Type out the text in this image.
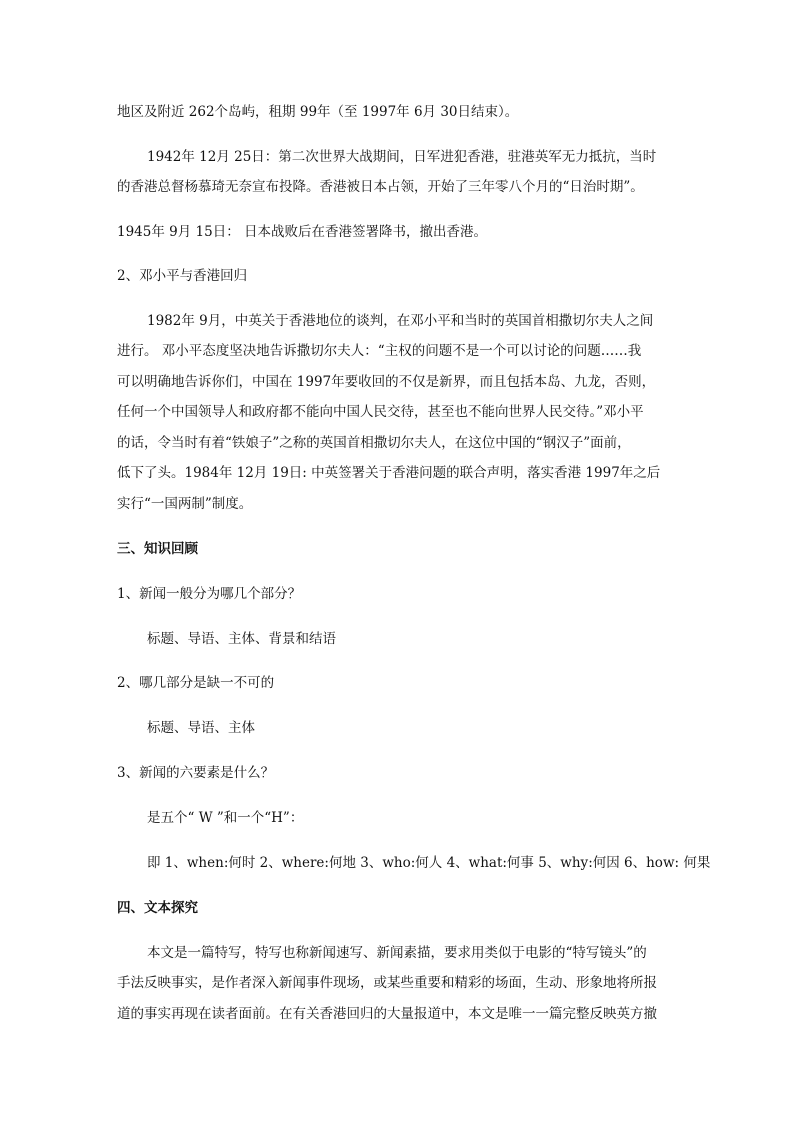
地区及附近 262个岛屿，租期 99年（至 1997年 6月 30日结束）。
1942年 12月 25日：第二次世界大战期间，日军进犯香港，驻港英军无力抵抗，当时
的香港总督杨慕琦无奈宣布投降。香港被日本占领，开始了三年零八个月的“日治时期”。
1945年 9月 15日： 日本战败后在香港签署降书，撤出香港。
2、邓小平与香港回归
1982年 9月，中英关于香港地位的谈判，在邓小平和当时的英国首相撒切尔夫人之间
进行。 邓小平态度坚决地告诉撒切尔夫人：“主权的问题不是一个可以讨论的问题……我
可以明确地告诉你们，中国在 1997年要收回的不仅是新界，而且包括本岛、九龙，否则，
任何一个中国领导人和政府都不能向中国人民交待，甚至也不能向世界人民交待。”邓小平
的话，令当时有着“铁娘子”之称的英国首相撒切尔夫人，在这位中国的“钢汉子”面前，
低下了头。1984年 12月 19日: 中英签署关于香港问题的联合声明，落实香港 1997年之后
实行“一国两制”制度。
三、知识回顾
1、新闻一般分为哪几个部分？
标题、导语、主体、背景和结语
2、哪几部分是缺一不可的
标题、导语、主体
3、新闻的六要素是什么？
是五个“ W ”和一个“H”：
即 1、when:何时 2、where:何地 3、who:何人 4、what:何事 5、why:何因 6、how: 何果
四、文本探究
本文是一篇特写，特写也称新闻速写、新闻素描，要求用类似于电影的“特写镜头”的
手法反映事实，是作者深入新闻事件现场，或某些重要和精彩的场面，生动、形象地将所报
道的事实再现在读者面前。在有关香港回归的大量报道中，本文是唯一一篇完整反映英方撤
